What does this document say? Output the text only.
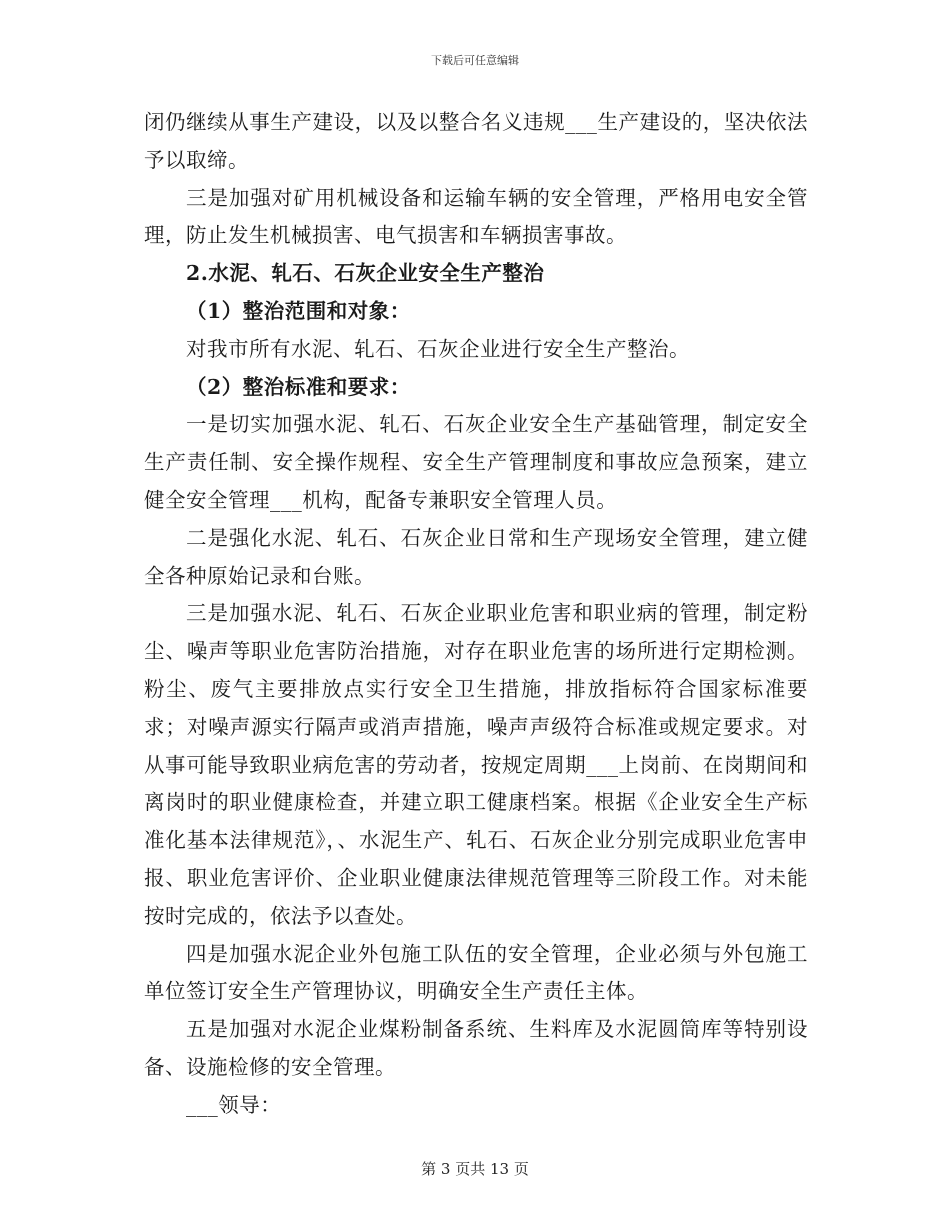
下载后可任意编辑

闭仍继续从事生产建设，以及以整合名义违规___生产建设的，坚决依法予以取缔。

三是加强对矿用机械设备和运输车辆的安全管理，严格用电安全管理，防止发生机械损害、电气损害和车辆损害事故。

2.水泥、轧石、石灰企业安全生产整治

（1）整治范围和对象：

对我市所有水泥、轧石、石灰企业进行安全生产整治。

（2）整治标准和要求：

一是切实加强水泥、轧石、石灰企业安全生产基础管理，制定安全生产责任制、安全操作规程、安全生产管理制度和事故应急预案，建立健全安全管理___机构，配备专兼职安全管理人员。

二是强化水泥、轧石、石灰企业日常和生产现场安全管理，建立健全各种原始记录和台账。

三是加强水泥、轧石、石灰企业职业危害和职业病的管理，制定粉尘、噪声等职业危害防治措施，对存在职业危害的场所进行定期检测。粉尘、废气主要排放点实行安全卫生措施，排放指标符合国家标准要求；对噪声源实行隔声或消声措施，噪声声级符合标准或规定要求。对从事可能导致职业病危害的劳动者，按规定周期___上岗前、在岗期间和离岗时的职业健康检查，并建立职工健康档案。根据《企业安全生产标准化基本法律规范》，、水泥生产、轧石、石灰企业分别完成职业危害申报、职业危害评价、企业职业健康法律规范管理等三阶段工作。对未能按时完成的，依法予以查处。

四是加强水泥企业外包施工队伍的安全管理，企业必须与外包施工单位签订安全生产管理协议，明确安全生产责任主体。

五是加强对水泥企业煤粉制备系统、生料库及水泥圆筒库等特别设备、设施检修的安全管理。

___领导：

第 3 页共 13 页
